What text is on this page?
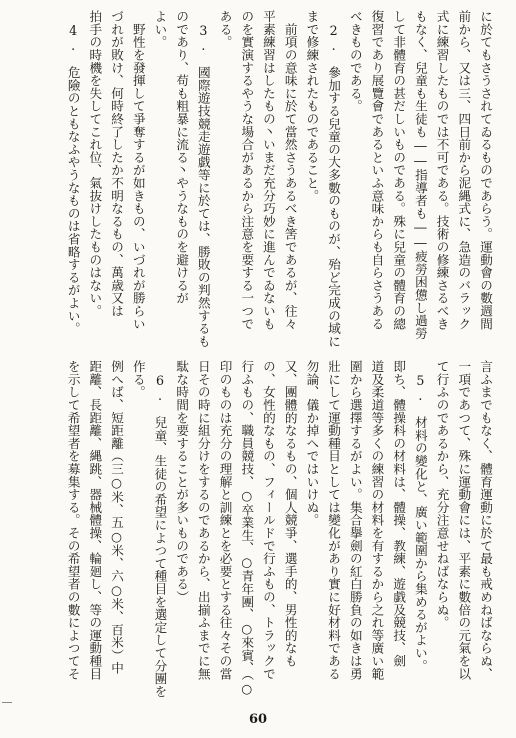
に於てもさうされてゐるものであらう。運動會の數週間
前から、又は三、四日前から泥縄式に、急造のバラック
式に練習したものでは不可である。技術の修練さるべき
もなく、兒童も生徒も――指導者も――疲勞困憊し過勞
して非體育の甚だしいものである。殊に兒童の體育の總
復習であり展覽會であるといふ意味からも自らさうある
べきものである。
　2.　參加する兒童の大多數のものが、殆ど完成の域に
まで修練されたものであること。
　前項の意味に於て當然さうあるべき筈であるが、往々
平素練習はしたもの丶いまだ充分巧妙に進んでゐないも
のを實演するやうな場合があるから注意を要する一つで
ある。
　3.　國際遊技競走遊戯等に於ては、勝敗の判然するも
のであり、苟も粗暴に流る丶やうなものを避けるが
よい。
　野性を發揮して爭奪するが如きもの、いづれが勝らい
づれが敗け、何時終了したか不明なるもの、萬歳又は
拍手の時機を失してこれ位、氣抜けしたものはない。
　4.　危險のともなふやうなものは省略するがよい。
言ふまでもなく、體育運動に於て最も戒めねばならぬ、
一項であつて、殊に運動會には、平素に數倍の元氣を以
て行ふのであるから、充分注意せねばならぬ。
　5.　材料の變化と、廣い範圍から集めるがよい。
即ち、體操科の材料は、體操、教練、遊戯及競技、劍
道及柔道等多くの練習の材料を有するから之れ等廣い範
圍から選擇するがよい。集合擧劍の紅白勝負の如きは勇
壯にして運動種目としては變化があり實に好材料である
勿論、儀か掉へではいけぬ。
又、團體的なるもの、個人競爭、選手的、男性的なも
の、女性的なもの、フィールドで行ふもの、トラックで
行ふもの、職員競技、○卒業生、○青年團、○來賓、（○
印のものは充分の理解と訓練とを必要とする往々その當
日その時に組分けをするのであるから、出揃ふまでに無
駄な時間を要することが多いものである）
　6.　兒童、生徒の希望によつて種目を選定して分團を
作る。
例へば、短距離（三○米、五○米、六○米、百米）中
距離、長距離、縄跳、器械體操、輪廻し、等の運動種目
を示して希望者を募集する。その希望者の數によつてそ
60
